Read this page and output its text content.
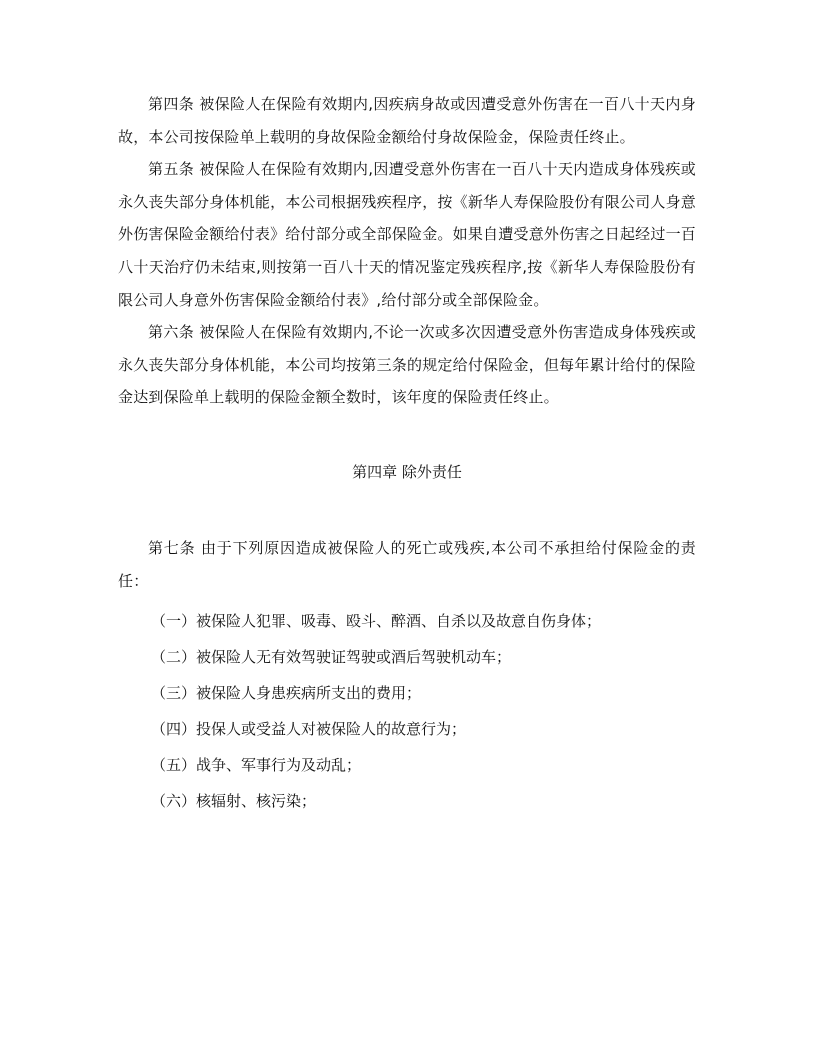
第四条 被保险人在保险有效期内,因疾病身故或因遭受意外伤害在一百八十天内身故，本公司按保险单上载明的身故保险金额给付身故保险金，保险责任终止。

第五条 被保险人在保险有效期内,因遭受意外伤害在一百八十天内造成身体残疾或永久丧失部分身体机能，本公司根据残疾程序，按《新华人寿保险股份有限公司人身意外伤害保险金额给付表》给付部分或全部保险金。如果自遭受意外伤害之日起经过一百八十天治疗仍未结束,则按第一百八十天的情况鉴定残疾程序,按《新华人寿保险股份有限公司人身意外伤害保险金额给付表》,给付部分或全部保险金。

第六条 被保险人在保险有效期内,不论一次或多次因遭受意外伤害造成身体残疾或永久丧失部分身体机能，本公司均按第三条的规定给付保险金，但每年累计给付的保险金达到保险单上载明的保险金额全数时，该年度的保险责任终止。

第四章 除外责任

第七条 由于下列原因造成被保险人的死亡或残疾,本公司不承担给付保险金的责任：

（一）被保险人犯罪、吸毒、殴斗、醉酒、自杀以及故意自伤身体；

（二）被保险人无有效驾驶证驾驶或酒后驾驶机动车；

（三）被保险人身患疾病所支出的费用；

（四）投保人或受益人对被保险人的故意行为；

（五）战争、军事行为及动乱；

（六）核辐射、核污染；
